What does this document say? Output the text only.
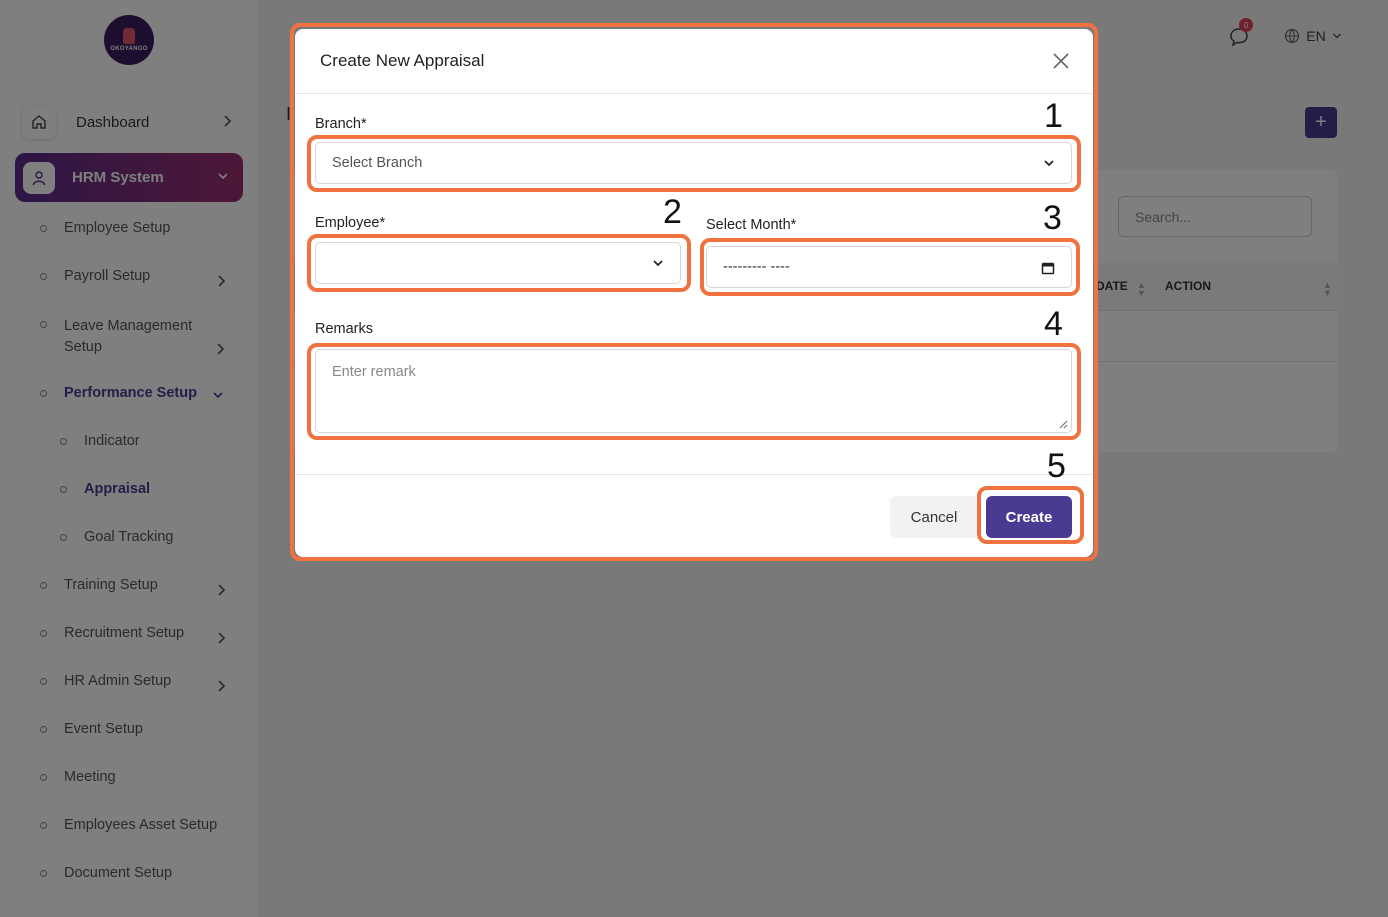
Create New Appraisal
Branch*
Select Branch
Employee*	Select Month*
--------- ----
Remarks
Enter remark
Cancel	Create
1
2	3
4
5
